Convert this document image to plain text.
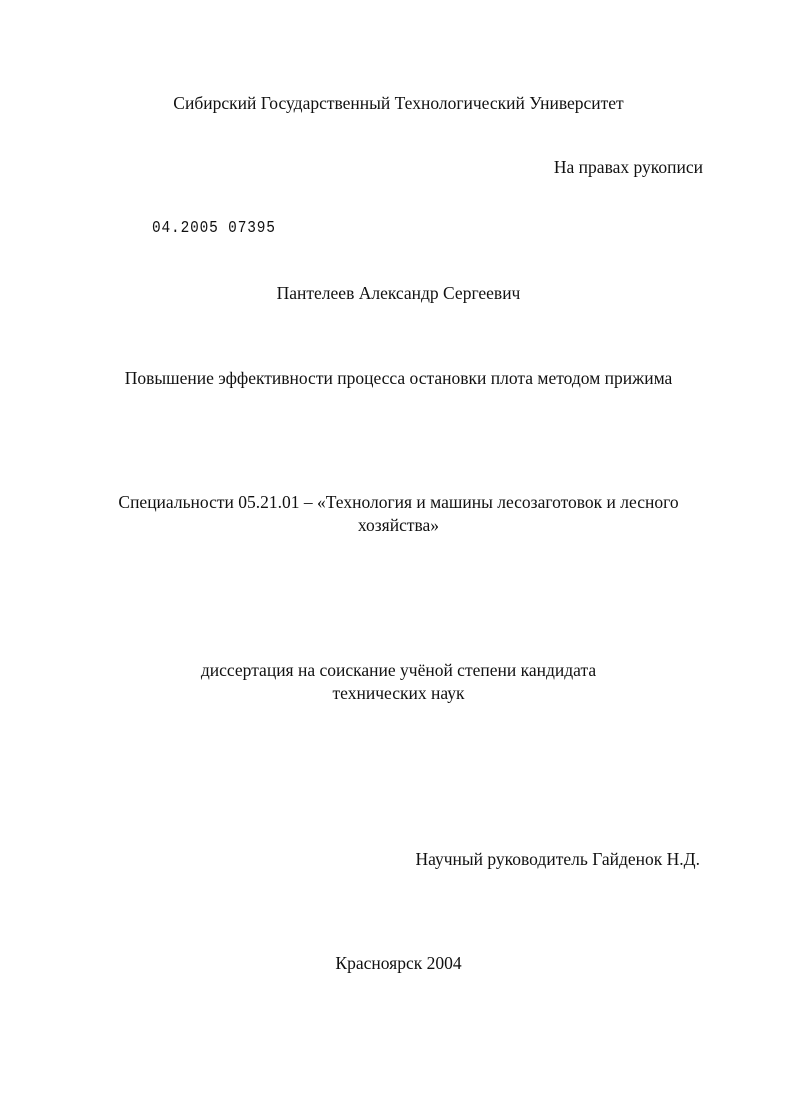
Сибирский Государственный Технологический Университет
На правах рукописи
04.2005 07395
Пантелеев Александр Сергеевич
Повышение эффективности процесса остановки плота методом прижима
Специальности 05.21.01 – «Технология и машины лесозаготовок и лесного
хозяйства»
диссертация на соискание учёной степени кандидата
технических наук
Научный руководитель Гайденок Н.Д.
Красноярск 2004
